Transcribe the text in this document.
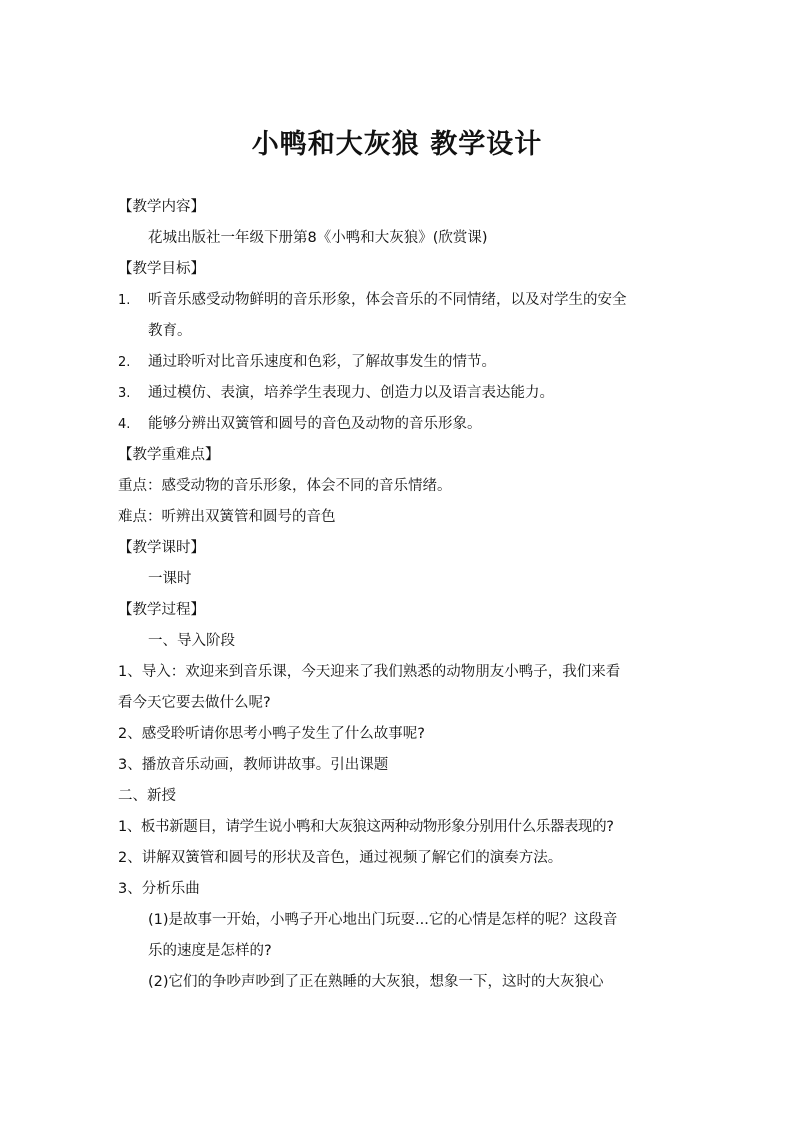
小鸭和大灰狼 教学设计
【教学内容】
花城出版社一年级下册第8《小鸭和大灰狼》(欣赏课)
【教学目标】
1.	听音乐感受动物鲜明的音乐形象，体会音乐的不同情绪，以及对学生的安全
教育。
2.	通过聆听对比音乐速度和色彩，了解故事发生的情节。
3.	通过模仿、表演，培养学生表现力、创造力以及语言表达能力。
4.	能够分辨出双簧管和圆号的音色及动物的音乐形象。
【教学重难点】
重点：感受动物的音乐形象，体会不同的音乐情绪。
难点：听辨出双簧管和圆号的音色
【教学课时】
一课时
【教学过程】
一、导入阶段
1、导入：欢迎来到音乐课，今天迎来了我们熟悉的动物朋友小鸭子，我们来看
看今天它要去做什么呢?
2、感受聆听请你思考小鸭子发生了什么故事呢?
3、播放音乐动画，教师讲故事。引出课题
二、新授
1、板书新题目，请学生说小鸭和大灰狼这两种动物形象分别用什么乐器表现的?
2、讲解双簧管和圆号的形状及音色，通过视频了解它们的演奏方法。
3、分析乐曲
(1)是故事一开始，小鸭子开心地出门玩耍...它的心情是怎样的呢？这段音
乐的速度是怎样的?
(2)它们的争吵声吵到了正在熟睡的大灰狼，想象一下，这时的大灰狼心
